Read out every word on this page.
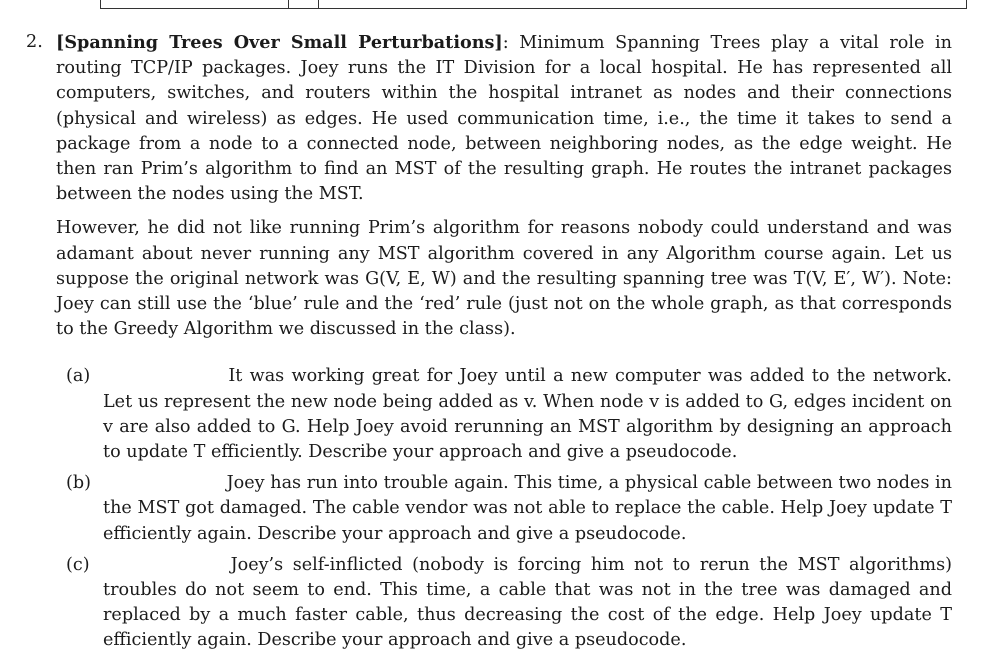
2. [Spanning Trees Over Small Perturbations]: Minimum Spanning Trees play a vital role in routing TCP/IP packages. Joey runs the IT Division for a local hospital. He has represented all computers, switches, and routers within the hospital intranet as nodes and their connections (physical and wireless) as edges. He used communication time, i.e., the time it takes to send a package from a node to a connected node, between neighboring nodes, as the edge weight. He then ran Prim’s algorithm to find an MST of the resulting graph. He routes the intranet packages between the nodes using the MST.

However, he did not like running Prim’s algorithm for reasons nobody could understand and was adamant about never running any MST algorithm covered in any Algorithm course again. Let us suppose the original network was G(V, E, W) and the resulting spanning tree was T(V, E′, W′). Note: Joey can still use the ‘blue’ rule and the ‘red’ rule (just not on the whole graph, as that corresponds to the Greedy Algorithm we discussed in the class).

(a)	It was working great for Joey until a new computer was added to the network. Let us represent the new node being added as v. When node v is added to G, edges incident on v are also added to G. Help Joey avoid rerunning an MST algorithm by designing an approach to update T efficiently. Describe your approach and give a pseudocode.

(b)	Joey has run into trouble again. This time, a physical cable between two nodes in the MST got damaged. The cable vendor was not able to replace the cable. Help Joey update T efficiently again. Describe your approach and give a pseudocode.

(c)	Joey’s self-inflicted (nobody is forcing him not to rerun the MST algorithms) troubles do not seem to end. This time, a cable that was not in the tree was damaged and replaced by a much faster cable, thus decreasing the cost of the edge. Help Joey update T efficiently again. Describe your approach and give a pseudocode.
